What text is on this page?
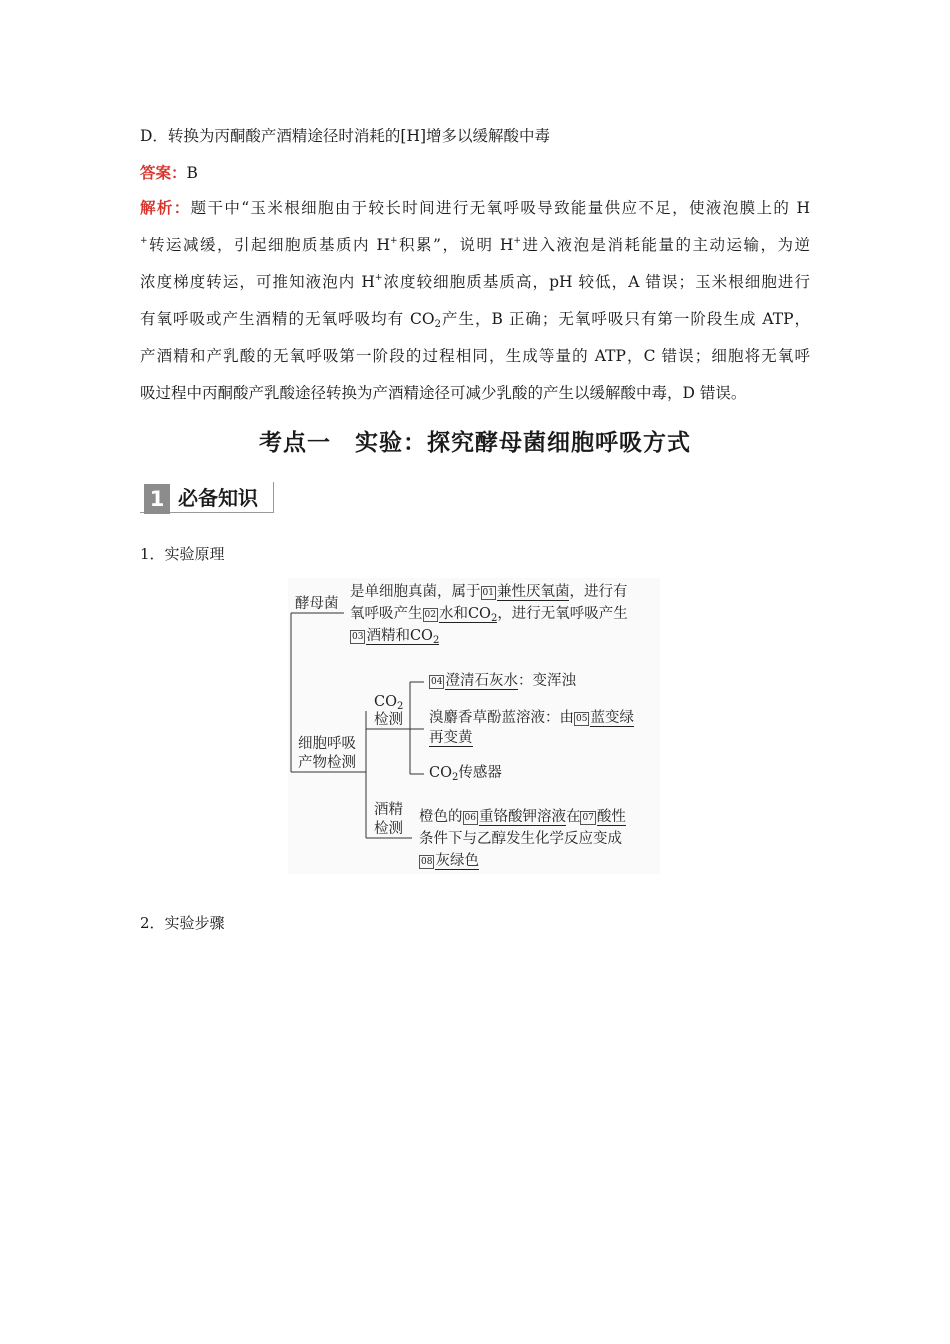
D．转换为丙酮酸产酒精途径时消耗的[H]增多以缓解酸中毒
答案：B
解析：题干中“玉米根细胞由于较长时间进行无氧呼吸导致能量供应不足，使液泡膜上的 H
+转运减缓，引起细胞质基质内 H+积累”，说明 H+进入液泡是消耗能量的主动运输，为逆
浓度梯度转运，可推知液泡内 H+浓度较细胞质基质高，pH 较低，A 错误；玉米根细胞进行
有氧呼吸或产生酒精的无氧呼吸均有 $CO_2$产生，B 正确；无氧呼吸只有第一阶段生成 ATP，
产酒精和产乳酸的无氧呼吸第一阶段的过程相同，生成等量的 ATP，C 错误；细胞将无氧呼
吸过程中丙酮酸产乳酸途径转换为产酒精途径可减少乳酸的产生以缓解酸中毒，D 错误。
考点一　实验：探究酵母菌细胞呼吸方式
1 必备知识
1．实验原理
酵母菌
是单细胞真菌，属于 01 兼性厌氧菌，进行有
氧呼吸产生 02 水和$CO_2$，进行无氧呼吸产生
03 酒精和$CO_2$
细胞呼吸
产物检测
$CO_2$
检测
04 澄清石灰水：变浑浊
溴麝香草酚蓝溶液：由 05 蓝变绿
再变黄
$CO_2$传感器
酒精
检测
橙色的 06 重铬酸钾溶液在 07 酸性
条件下与乙醇发生化学反应变成
08 灰绿色
2．实验步骤
